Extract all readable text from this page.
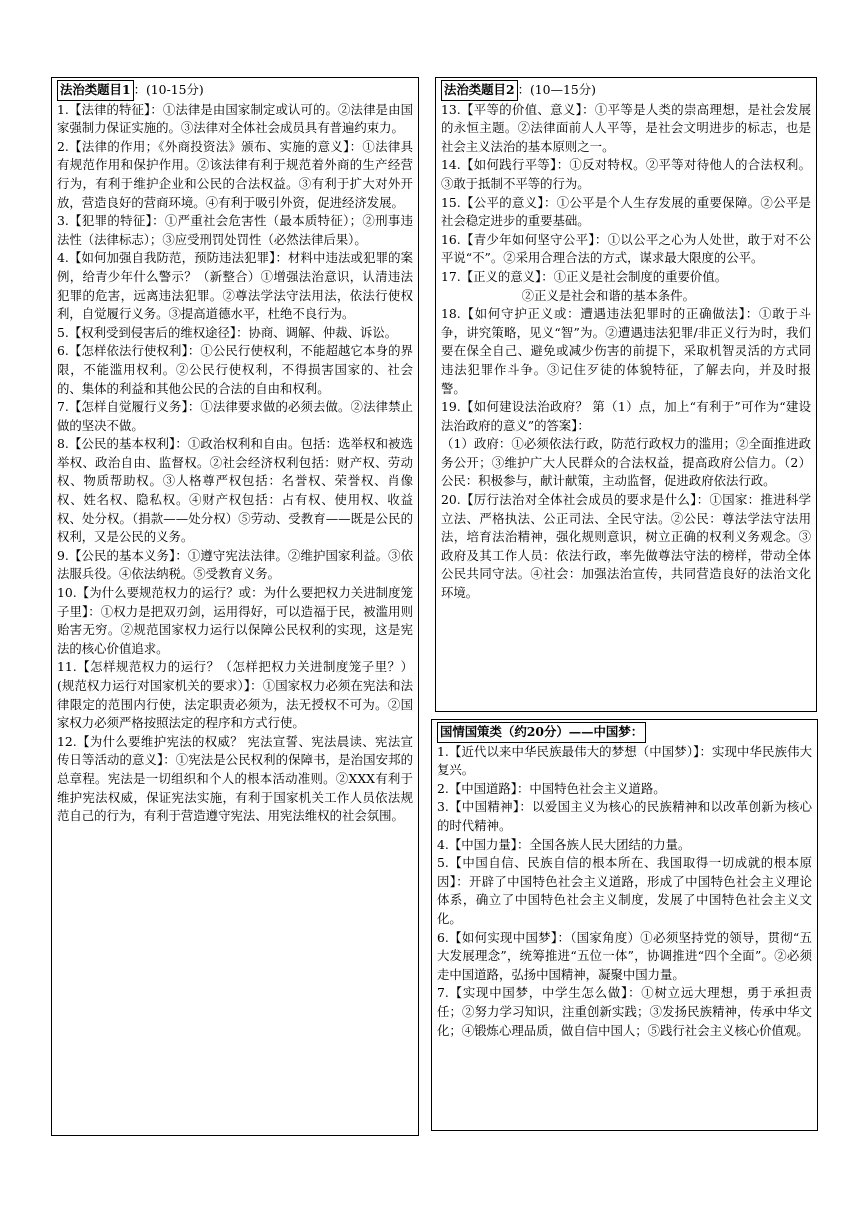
法治类题目1 ：(10-15分)

1.【法律的特征】：①法律是由国家制定或认可的。②法律是由国家强制力保证实施的。③法律对全体社会成员具有普遍约束力。

2.【法律的作用；《外商投资法》颁布、实施的意义】：①法律具有规范作用和保护作用。②该法律有利于规范着外商的生产经营行为，有利于维护企业和公民的合法权益。③有利于扩大对外开放，营造良好的营商环境。④有利于吸引外资，促进经济发展。

3.【犯罪的特征】：①严重社会危害性（最本质特征）；②刑事违法性（法律标志）；③应受刑罚处罚性（必然法律后果）。

4.【如何加强自我防范，预防违法犯罪】：材料中违法或犯罪的案例，给青少年什么警示？（新整合）①增强法治意识，认清违法犯罪的危害，远离违法犯罪。②尊法学法守法用法，依法行使权利，自觉履行义务。③提高道德水平，杜绝不良行为。

5.【权利受到侵害后的维权途径】：协商、调解、仲裁、诉讼。

6.【怎样依法行使权利】：①公民行使权利，不能超越它本身的界限，不能滥用权利。②公民行使权利，不得损害国家的、社会的、集体的利益和其他公民的合法的自由和权利。

7.【怎样自觉履行义务】：①法律要求做的必须去做。②法律禁止做的坚决不做。

8.【公民的基本权利】：①政治权利和自由。包括：选举权和被选举权、政治自由、监督权。②社会经济权利包括：财产权、劳动权、物质帮助权。③人格尊严权包括：名誉权、荣誉权、肖像权、姓名权、隐私权。④财产权包括：占有权、使用权、收益权、处分权。（捐款——处分权）⑤劳动、受教育——既是公民的权利，又是公民的义务。

9.【公民的基本义务】：①遵守宪法法律。②维护国家利益。③依法服兵役。④依法纳税。⑤受教育义务。

10.【为什么要规范权力的运行？或：为什么要把权力关进制度笼子里】：①权力是把双刃剑，运用得好，可以造福于民，被滥用则贻害无穷。②规范国家权力运行以保障公民权利的实现，这是宪法的核心价值追求。

11.【怎样规范权力的运行？（怎样把权力关进制度笼子里？）(规范权力运行对国家机关的要求）】：①国家权力必须在宪法和法律限定的范围内行使，法定职责必须为，法无授权不可为。②国家权力必须严格按照法定的程序和方式行使。

12.【为什么要维护宪法的权威？ 宪法宣誓、宪法晨读、宪法宣传日等活动的意义】：①宪法是公民权利的保障书，是治国安邦的总章程。宪法是一切组织和个人的根本活动准则。②XXX有利于维护宪法权威，保证宪法实施，有利于国家机关工作人员依法规范自己的行为，有利于营造遵守宪法、用宪法维权的社会氛围。

法治类题目2 ：(10—15分)

13.【平等的价值、意义】：①平等是人类的崇高理想，是社会发展的永恒主题。②法律面前人人平等，是社会文明进步的标志，也是社会主义法治的基本原则之一。

14.【如何践行平等】：①反对特权。②平等对待他人的合法权利。 ③敢于抵制不平等的行为。

15.【公平的意义】：①公平是个人生存发展的重要保障。②公平是社会稳定进步的重要基础。

16.【青少年如何坚守公平】：①以公平之心为人处世，敢于对不公平说“不”。②采用合理合法的方式，谋求最大限度的公平。

17.【正义的意义】：①正义是社会制度的重要价值。

②正义是社会和谐的基本条件。

18.【如何守护正义或：遭遇违法犯罪时的正确做法】：①敢于斗争，讲究策略，见义“智”为。②遭遇违法犯罪/非正义行为时，我们要在保全自己、避免或减少伤害的前提下，采取机智灵活的方式同违法犯罪作斗争。③记住歹徒的体貌特征，了解去向，并及时报警。

19.【如何建设法治政府？ 第（1）点，加上“有利于”可作为“建设法治政府的意义”的答案】：

（1）政府：①必须依法行政，防范行政权力的滥用；②全面推进政务公开；③维护广大人民群众的合法权益，提高政府公信力。（2）公民：积极参与，献计献策，主动监督，促进政府依法行政。

20.【厉行法治对全体社会成员的要求是什么】：①国家：推进科学立法、严格执法、公正司法、全民守法。②公民：尊法学法守法用法，培育法治精神，强化规则意识，树立正确的权利义务观念。③政府及其工作人员：依法行政，率先做尊法守法的榜样，带动全体公民共同守法。④社会：加强法治宣传，共同营造良好的法治文化环境。

国情国策类（约20分）——中国梦：

1.【近代以来中华民族最伟大的梦想（中国梦）】：实现中华民族伟大复兴。

2.【中国道路】：中国特色社会主义道路。

3.【中国精神】：以爱国主义为核心的民族精神和以改革创新为核心的时代精神。

4.【中国力量】：全国各族人民大团结的力量。

5.【中国自信、民族自信的根本所在、我国取得一切成就的根本原因】：开辟了中国特色社会主义道路，形成了中国特色社会主义理论体系，确立了中国特色社会主义制度，发展了中国特色社会主义文化。

6.【如何实现中国梦】：（国家角度）①必须坚持党的领导，贯彻“五大发展理念”，统筹推进“五位一体”，协调推进“四个全面”。②必须走中国道路，弘扬中国精神，凝聚中国力量。

7.【实现中国梦，中学生怎么做】：①树立远大理想，勇于承担责任；②努力学习知识，注重创新实践；③发扬民族精神，传承中华文化；④锻炼心理品质，做自信中国人；⑤践行社会主义核心价值观。
